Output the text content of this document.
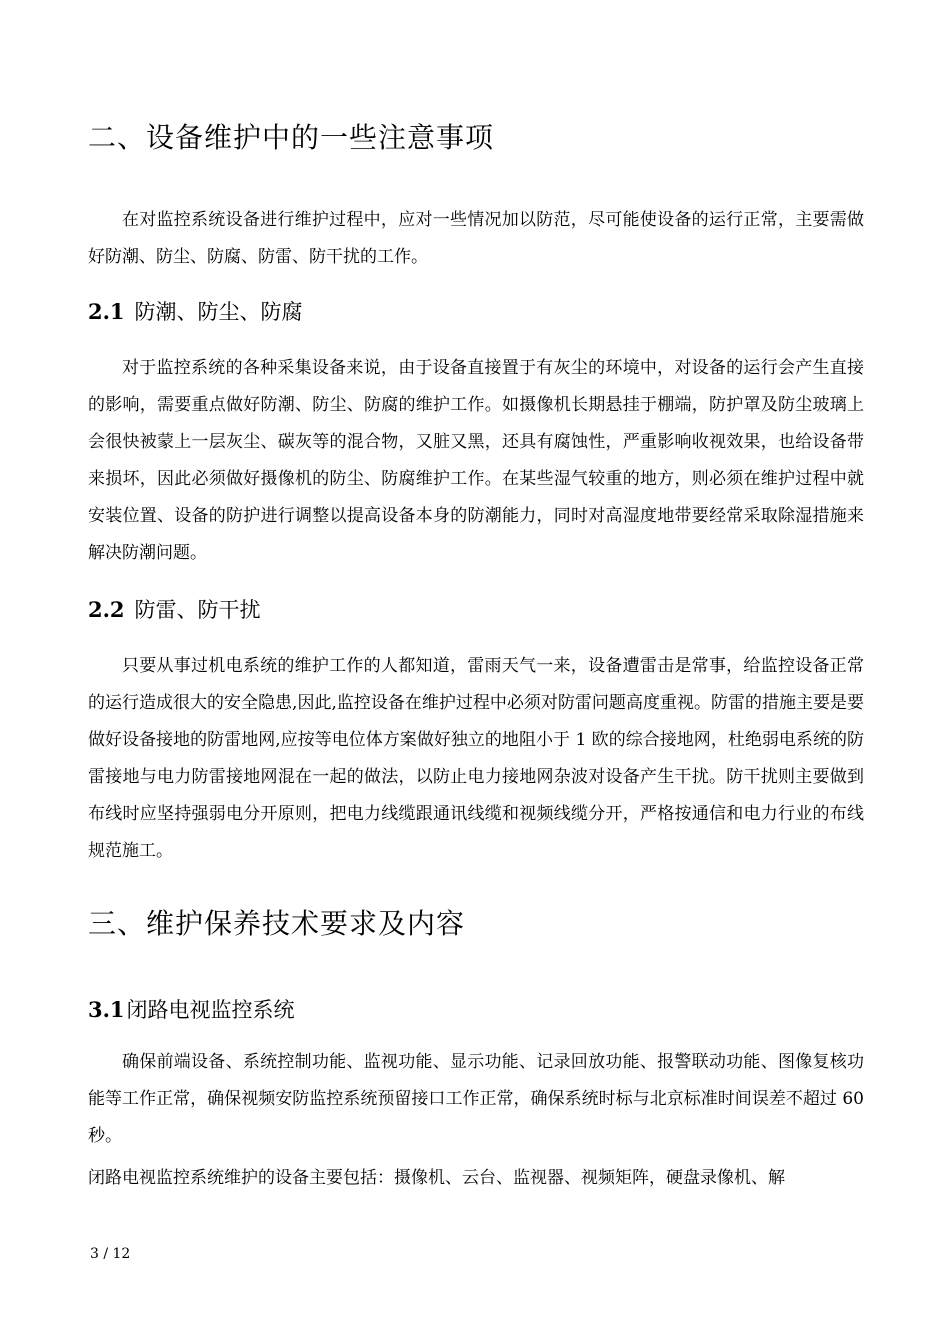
二、设备维护中的一些注意事项

在对监控系统设备进行维护过程中，应对一些情况加以防范，尽可能使设备的运行正常，主要需做好防潮、防尘、防腐、防雷、防干扰的工作。

2.1 防潮、防尘、防腐

对于监控系统的各种采集设备来说，由于设备直接置于有灰尘的环境中，对设备的运行会产生直接的影响，需要重点做好防潮、防尘、防腐的维护工作。如摄像机长期悬挂于棚端，防护罩及防尘玻璃上会很快被蒙上一层灰尘、碳灰等的混合物，又脏又黑，还具有腐蚀性，严重影响收视效果，也给设备带来损坏，因此必须做好摄像机的防尘、防腐维护工作。在某些湿气较重的地方，则必须在维护过程中就安装位置、设备的防护进行调整以提高设备本身的防潮能力，同时对高湿度地带要经常采取除湿措施来解决防潮问题。

2.2 防雷、防干扰

只要从事过机电系统的维护工作的人都知道，雷雨天气一来，设备遭雷击是常事，给监控设备正常的运行造成很大的安全隐患,因此,监控设备在维护过程中必须对防雷问题高度重视。防雷的措施主要是要做好设备接地的防雷地网,应按等电位体方案做好独立的地阻小于 1 欧的综合接地网，杜绝弱电系统的防雷接地与电力防雷接地网混在一起的做法，以防止电力接地网杂波对设备产生干扰。防干扰则主要做到布线时应坚持强弱电分开原则，把电力线缆跟通讯线缆和视频线缆分开，严格按通信和电力行业的布线规范施工。

三、维护保养技术要求及内容
3.1闭路电视监控系统

确保前端设备、系统控制功能、监视功能、显示功能、记录回放功能、报警联动功能、图像复核功能等工作正常，确保视频安防监控系统预留接口工作正常，确保系统时标与北京标准时间误差不超过 60 秒。

闭路电视监控系统维护的设备主要包括：摄像机、云台、监视器、视频矩阵，硬盘录像机、解

3 / 12
